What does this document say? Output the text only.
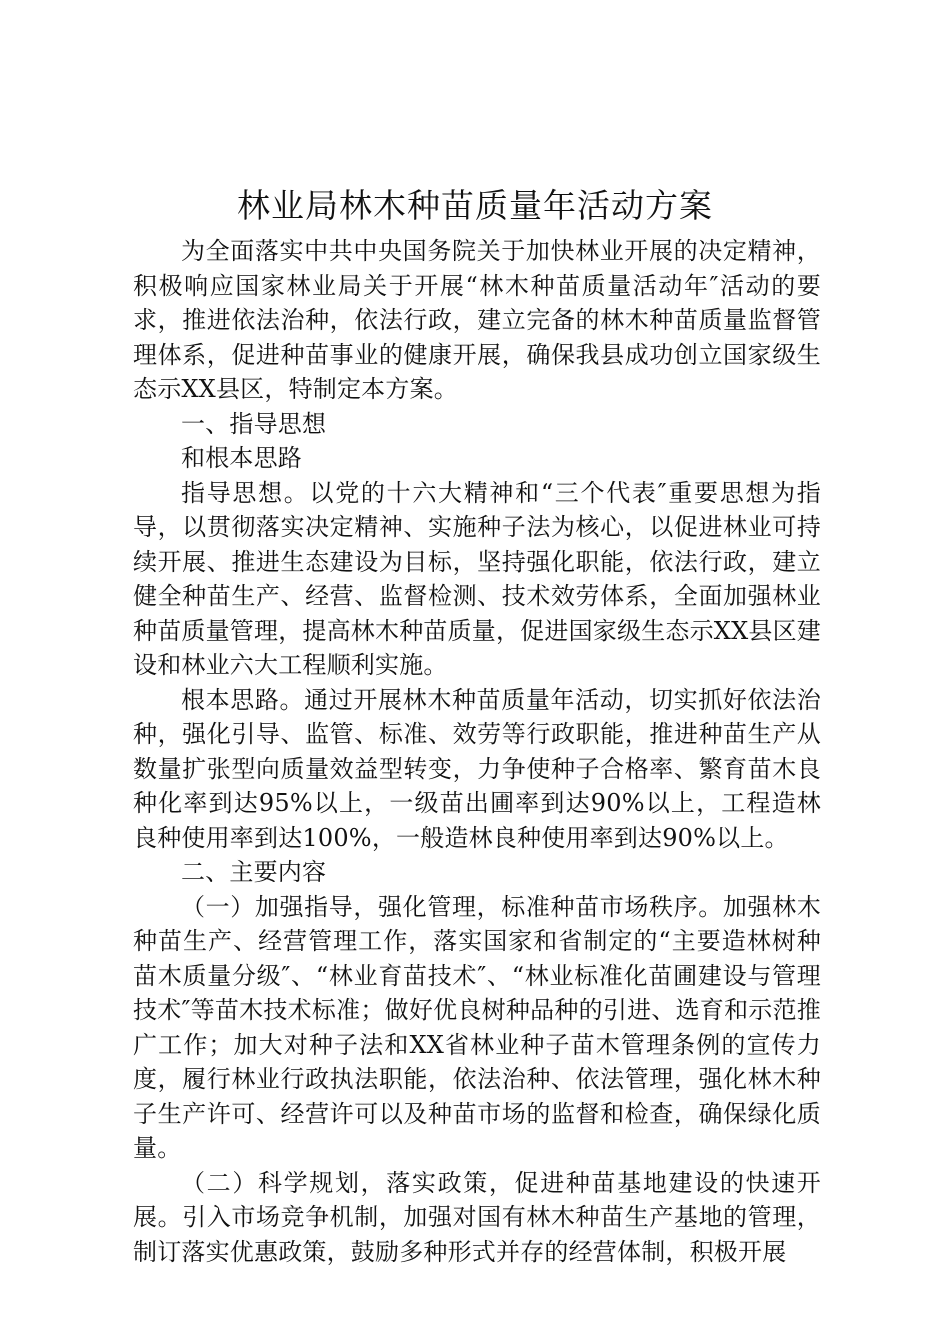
林业局林木种苗质量年活动方案

为全面落实中共中央国务院关于加快林业开展的决定精神，积极响应国家林业局关于开展“林木种苗质量活动年″活动的要求，推进依法治种，依法行政，建立完备的林木种苗质量监督管理体系，促进种苗事业的健康开展，确保我县成功创立国家级生态示XX县区，特制定本方案。

一、指导思想

和根本思路

指导思想。以党的十六大精神和“三个代表″重要思想为指导，以贯彻落实决定精神、实施种子法为核心，以促进林业可持续开展、推进生态建设为目标，坚持强化职能，依法行政，建立健全种苗生产、经营、监督检测、技术效劳体系，全面加强林业种苗质量管理，提高林木种苗质量，促进国家级生态示XX县区建设和林业六大工程顺利实施。

根本思路。通过开展林木种苗质量年活动，切实抓好依法治种，强化引导、监管、标准、效劳等行政职能，推进种苗生产从数量扩张型向质量效益型转变，力争使种子合格率、繁育苗木良种化率到达95%以上，一级苗出圃率到达90%以上，工程造林良种使用率到达100%，一般造林良种使用率到达90%以上。

二、主要内容

（一）加强指导，强化管理，标准种苗市场秩序。加强林木种苗生产、经营管理工作，落实国家和省制定的“主要造林树种苗木质量分级″、“林业育苗技术″、“林业标准化苗圃建设与管理技术″等苗木技术标准；做好优良树种品种的引进、选育和示范推广工作；加大对种子法和XX省林业种子苗木管理条例的宣传力度，履行林业行政执法职能，依法治种、依法管理，强化林木种子生产许可、经营许可以及种苗市场的监督和检查，确保绿化质量。

（二）科学规划，落实政策，促进种苗基地建设的快速开展。引入市场竞争机制，加强对国有林木种苗生产基地的管理，制订落实优惠政策，鼓励多种形式并存的经营体制，积极开展
